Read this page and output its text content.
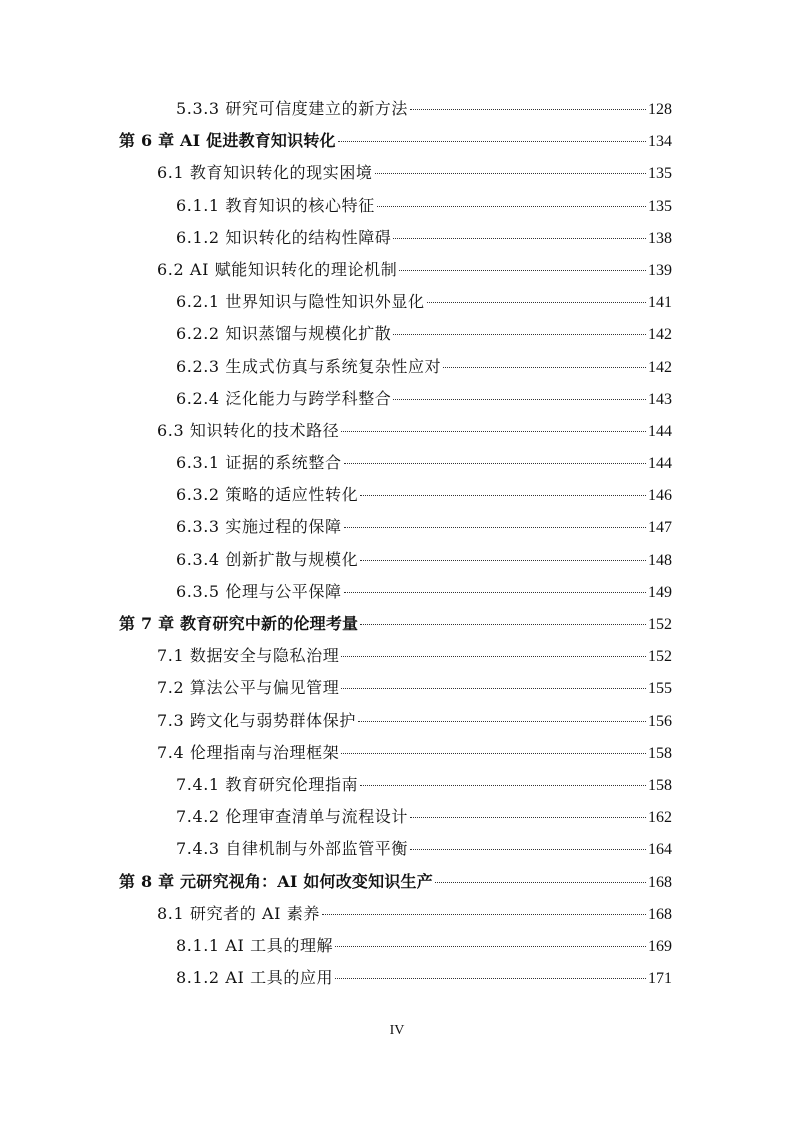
5.3.3 研究可信度建立的新方法	128
第 6 章 AI 促进教育知识转化	134
6.1 教育知识转化的现实困境	135
6.1.1 教育知识的核心特征	135
6.1.2 知识转化的结构性障碍	138
6.2 AI 赋能知识转化的理论机制	139
6.2.1 世界知识与隐性知识外显化	141
6.2.2 知识蒸馏与规模化扩散	142
6.2.3 生成式仿真与系统复杂性应对	142
6.2.4 泛化能力与跨学科整合	143
6.3 知识转化的技术路径	144
6.3.1 证据的系统整合	144
6.3.2 策略的适应性转化	146
6.3.3 实施过程的保障	147
6.3.4 创新扩散与规模化	148
6.3.5 伦理与公平保障	149
第 7 章 教育研究中新的伦理考量	152
7.1 数据安全与隐私治理	152
7.2 算法公平与偏见管理	155
7.3 跨文化与弱势群体保护	156
7.4 伦理指南与治理框架	158
7.4.1 教育研究伦理指南	158
7.4.2 伦理审查清单与流程设计	162
7.4.3 自律机制与外部监管平衡	164
第 8 章 元研究视角：AI 如何改变知识生产	168
8.1 研究者的 AI 素养	168
8.1.1 AI 工具的理解	169
8.1.2 AI 工具的应用	171
IV
